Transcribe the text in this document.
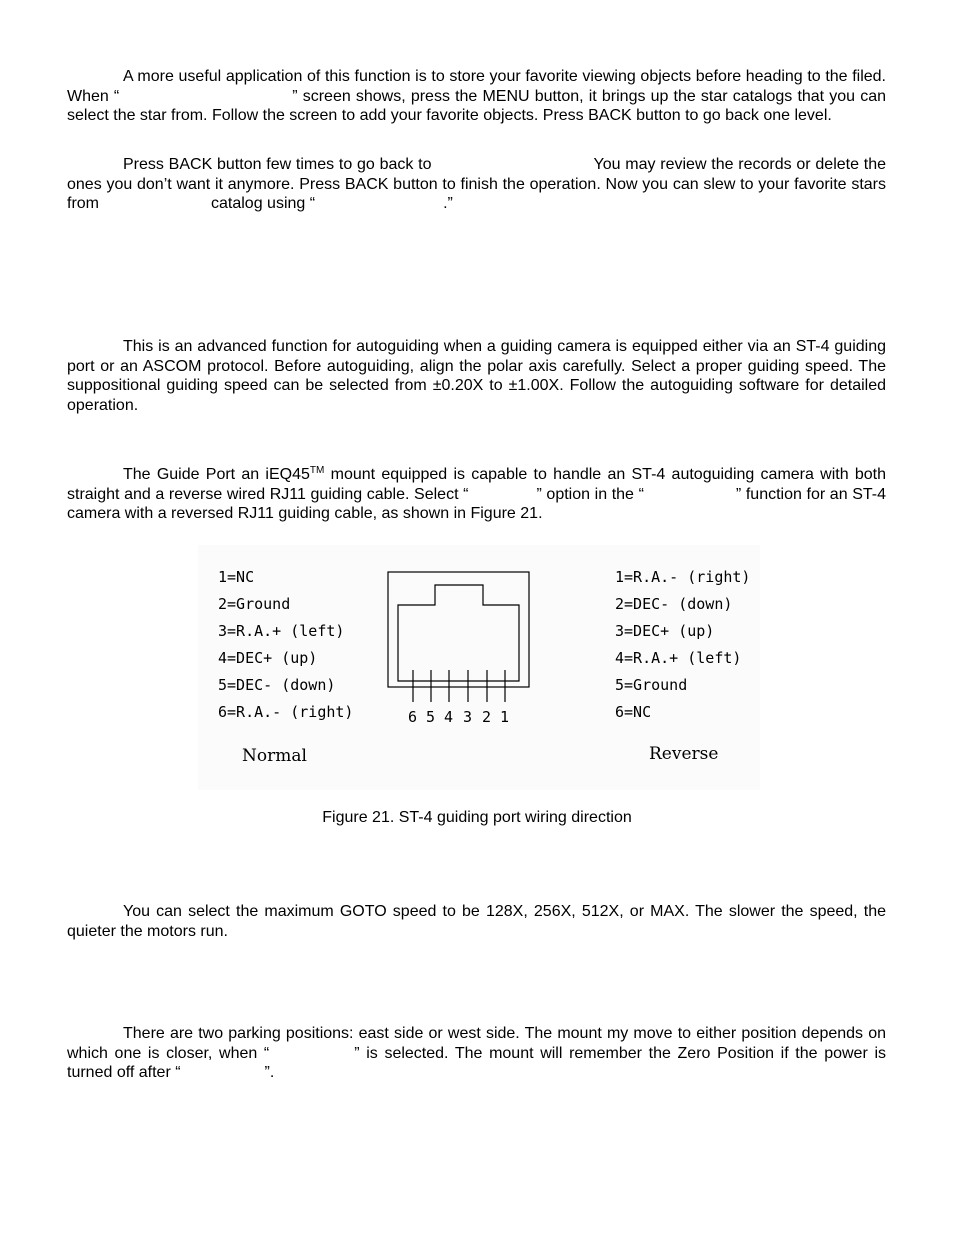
A more useful application of this function is to store your favorite viewing objects before heading to the filed. When “	” screen shows, press the MENU button, it brings up the star catalogs that you can select the star from. Follow the screen to add your favorite objects. Press BACK button to go back one level.

Press BACK button few times to go back to	You may review the records or delete the ones you don’t want it anymore. Press BACK button to finish the operation. Now you can slew to your favorite stars from	catalog using “	.”

This is an advanced function for autoguiding when a guiding camera is equipped either via an ST-4 guiding port or an ASCOM protocol. Before autoguiding, align the polar axis carefully. Select a proper guiding speed. The suppositional guiding speed can be selected from ±0.20X to ±1.00X. Follow the autoguiding software for detailed operation.

The Guide Port an iEQ45™ mount equipped is capable to handle an ST-4 autoguiding camera with both straight and a reverse wired RJ11 guiding cable. Select “	” option in the “	” function for an ST-4 camera with a reversed RJ11 guiding cable, as shown in Figure 21.

1=NC
2=Ground
3=R.A.+ (left)
4=DEC+ (up)
5=DEC- (down)
6=R.A.- (right)
Normal
6 5 4 3 2 1
1=R.A.- (right)
2=DEC- (down)
3=DEC+ (up)
4=R.A.+ (left)
5=Ground
6=NC
Reverse

Figure 21. ST-4 guiding port wiring direction

You can select the maximum GOTO speed to be 128X, 256X, 512X, or MAX. The slower the speed, the quieter the motors run.

There are two parking positions: east side or west side. The mount my move to either position depends on which one is closer, when “	” is selected. The mount will remember the Zero Position if the power is turned off after “	”.
